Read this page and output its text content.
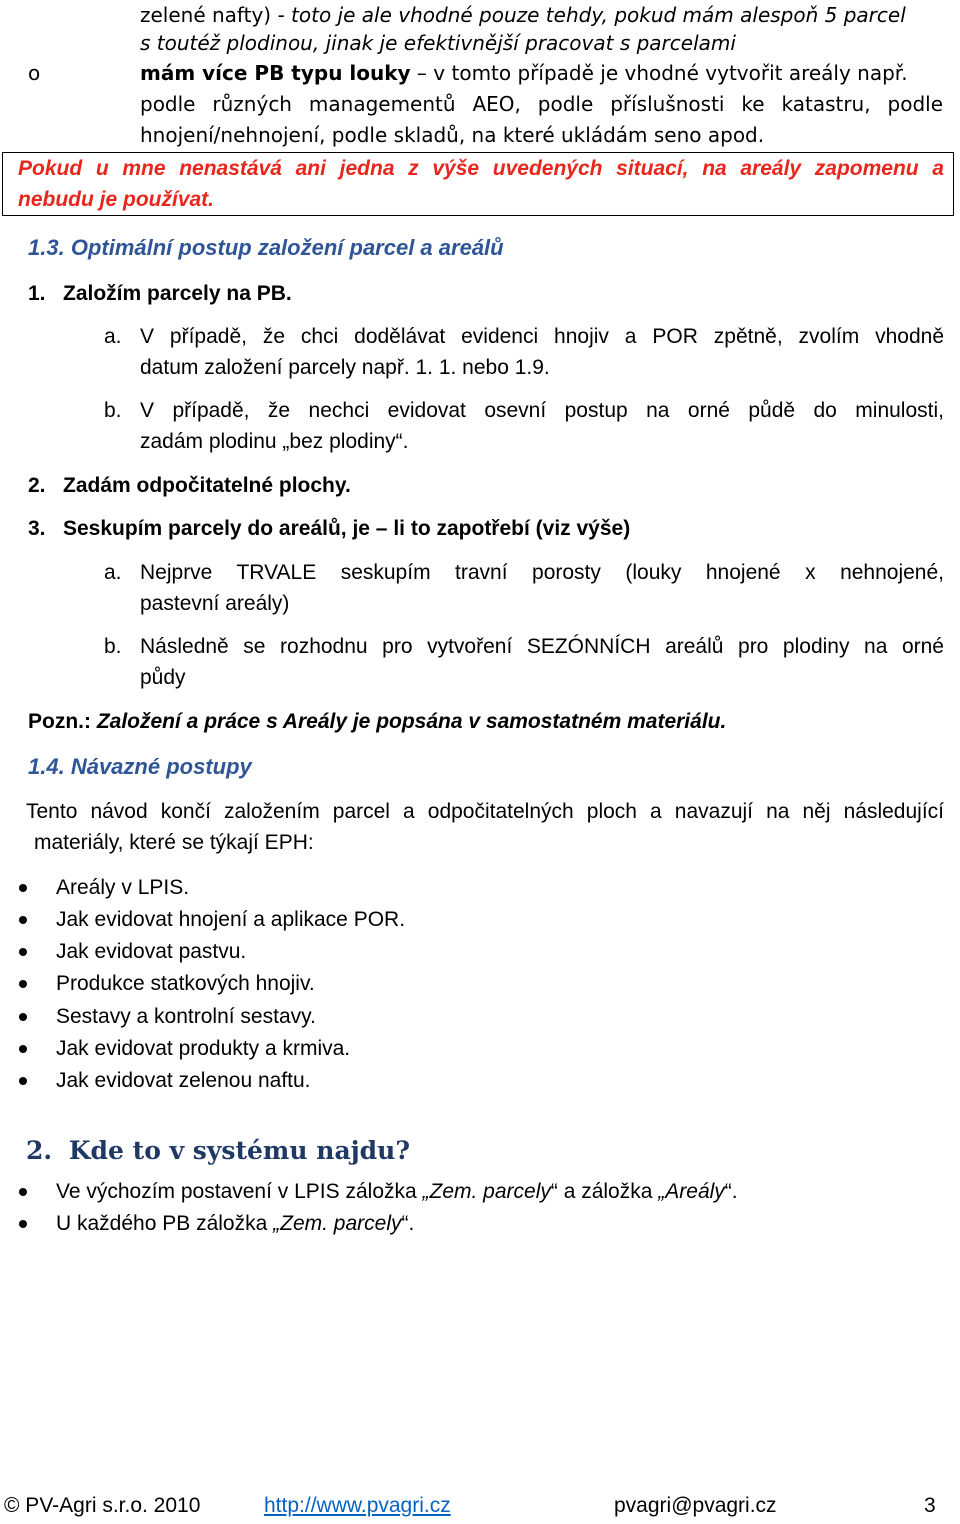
zelené nafty) - toto je ale vhodné pouze tehdy, pokud mám alespoň 5 parcel
s toutéž plodinou, jinak je efektivnější pracovat s parcelami
o	mám více PB typu louky – v tomto případě je vhodné vytvořit areály např.
podle různých managementů AEO, podle příslušnosti ke katastru, podle
hnojení/nehnojení, podle skladů, na které ukládám seno apod.
Pokud u mne nenastává ani jedna z výše uvedených situací, na areály zapomenu a
nebudu je používat.
1.3. Optimální postup založení parcel a areálů
1. Založím parcely na PB.
a. V případě, že chci dodělávat evidenci hnojiv a POR zpětně, zvolím vhodně
datum založení parcely např. 1. 1. nebo 1.9.
b. V případě, že nechci evidovat osevní postup na orné půdě do minulosti,
zadám plodinu „bez plodiny“.
2. Zadám odpočitatelné plochy.
3. Seskupím parcely do areálů, je – li to zapotřebí (viz výše)
a. Nejprve TRVALE seskupím travní porosty (louky hnojené x nehnojené,
pastevní areály)
b. Následně se rozhodnu pro vytvoření SEZÓNNÍCH areálů pro plodiny na orné
půdy
Pozn.: Založení a práce s Areály je popsána v samostatném materiálu.
1.4. Návazné postupy
Tento návod končí založením parcel a odpočitatelných ploch a navazují na něj následující
materiály, které se týkají EPH:
Areály v LPIS.
Jak evidovat hnojení a aplikace POR.
Jak evidovat pastvu.
Produkce statkových hnojiv.
Sestavy a kontrolní sestavy.
Jak evidovat produkty a krmiva.
Jak evidovat zelenou naftu.
2. Kde to v systému najdu?
Ve výchozím postavení v LPIS záložka „Zem. parcely“ a záložka „Areály“.
U každého PB záložka „Zem. parcely“.
© PV-Agri s.r.o. 2010	http://www.pvagri.cz	pvagri@pvagri.cz	3
